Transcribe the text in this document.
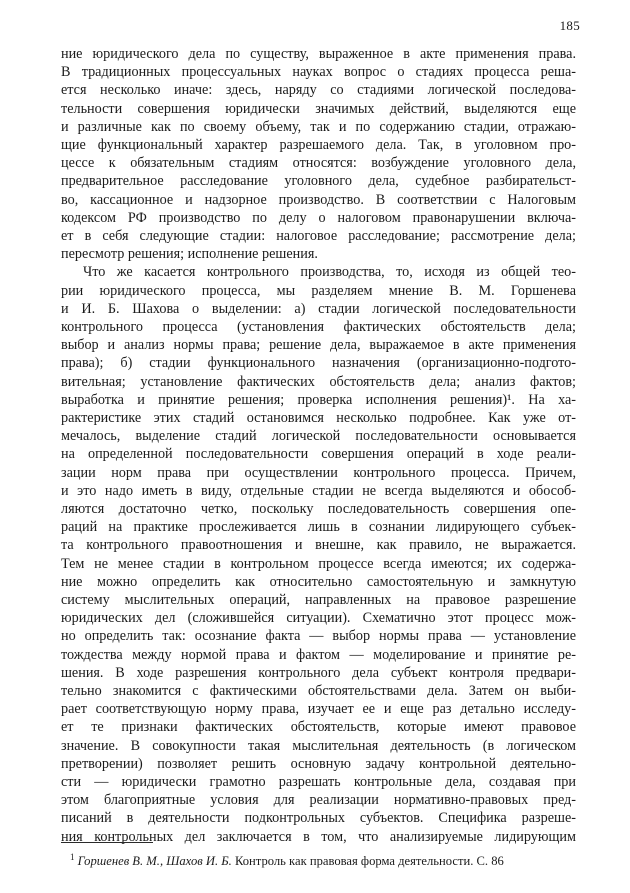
185
ние юридического дела по существу, выраженное в акте применения права.
В традиционных процессуальных науках вопрос о стадиях процесса реша-
ется несколько иначе: здесь, наряду со стадиями логической последова-
тельности совершения юридически значимых действий, выделяются еще
и различные как по своему объему, так и по содержанию стадии, отражаю-
щие функциональный характер разрешаемого дела. Так, в уголовном про-
цессе к обязательным стадиям относятся: возбуждение уголовного дела,
предварительное расследование уголовного дела, судебное разбирательст-
во, кассационное и надзорное производство. В соответствии с Налоговым
кодексом РФ производство по делу о налоговом правонарушении включа-
ет в себя следующие стадии: налоговое расследование; рассмотрение дела;
пересмотр решения; исполнение решения.
Что же касается контрольного производства, то, исходя из общей тео-
рии юридического процесса, мы разделяем мнение В. М. Горшенева
и И. Б. Шахова о выделении: а) стадии логической последовательности
контрольного процесса (установления фактических обстоятельств дела;
выбор и анализ нормы права; решение дела, выражаемое в акте применения
права); б) стадии функционального назначения (организационно-подгото-
вительная; установление фактических обстоятельств дела; анализ фактов;
выработка и принятие решения; проверка исполнения решения)¹. На ха-
рактеристике этих стадий остановимся несколько подробнее. Как уже от-
мечалось, выделение стадий логической последовательности основывается
на определенной последовательности совершения операций в ходе реали-
зации норм права при осуществлении контрольного процесса. Причем,
и это надо иметь в виду, отдельные стадии не всегда выделяются и обособ-
ляются достаточно четко, поскольку последовательность совершения опе-
раций на практике прослеживается лишь в сознании лидирующего субъек-
та контрольного правоотношения и внешне, как правило, не выражается.
Тем не менее стадии в контрольном процессе всегда имеются; их содержа-
ние можно определить как относительно самостоятельную и замкнутую
систему мыслительных операций, направленных на правовое разрешение
юридических дел (сложившейся ситуации). Схематично этот процесс мож-
но определить так: осознание факта — выбор нормы права — установление
тождества между нормой права и фактом — моделирование и принятие ре-
шения. В ходе разрешения контрольного дела субъект контроля предвари-
тельно знакомится с фактическими обстоятельствами дела. Затем он выби-
рает соответствующую норму права, изучает ее и еще раз детально исследу-
ет те признаки фактических обстоятельств, которые имеют правовое
значение. В совокупности такая мыслительная деятельность (в логическом
претворении) позволяет решить основную задачу контрольной деятельно-
сти — юридически грамотно разрешать контрольные дела, создавая при
этом благоприятные условия для реализации нормативно-правовых пред-
писаний в деятельности подконтрольных субъектов. Специфика разреше-
ния контрольных дел заключается в том, что анализируемые лидирующим
$^1$ Горшенев В. М., Шахов И. Б. Контроль как правовая форма деятельности. С. 86
